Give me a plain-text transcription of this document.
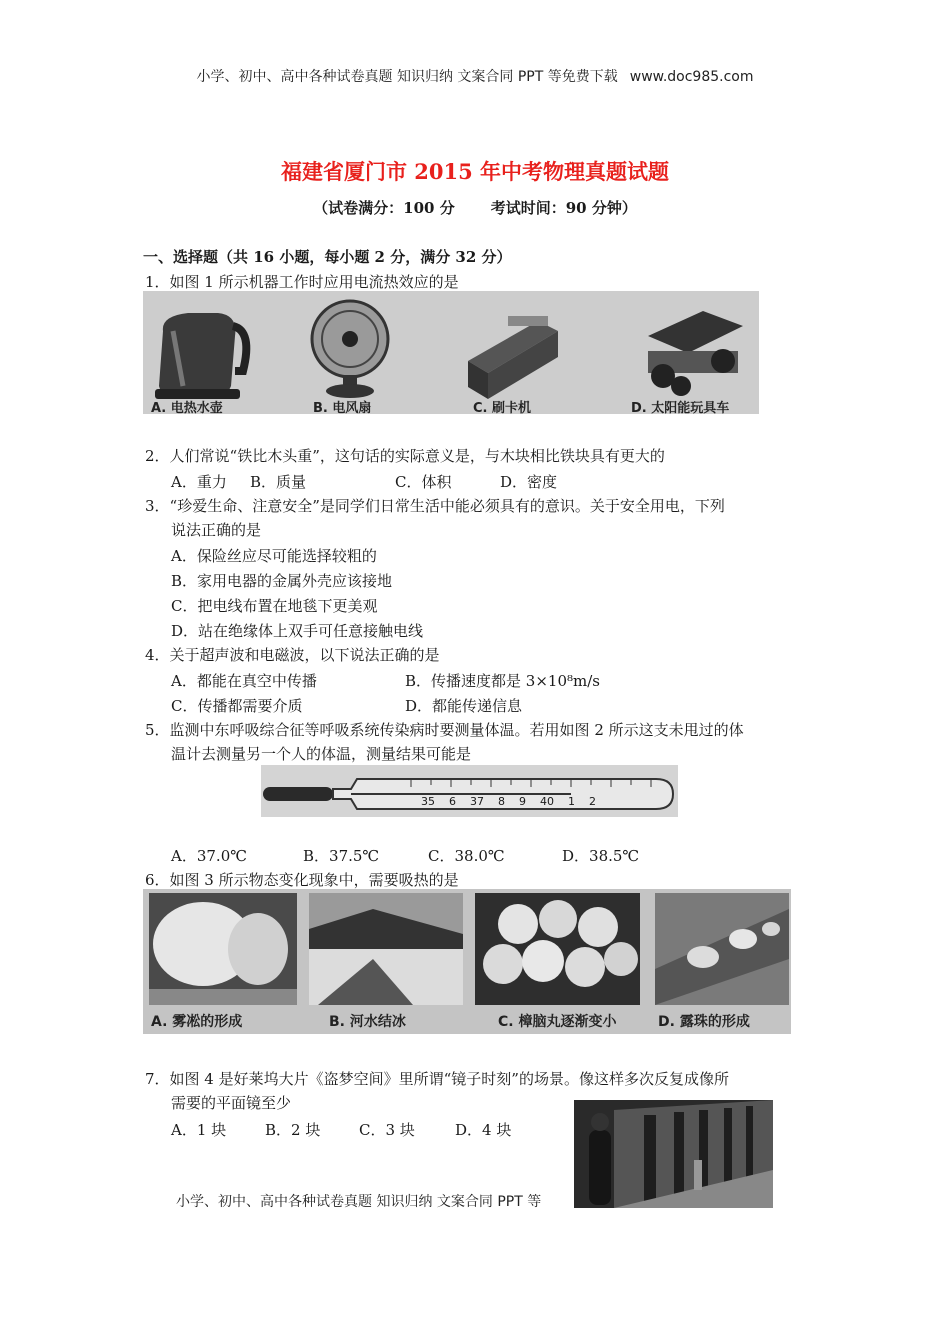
小学、初中、高中各种试卷真题 知识归纳 文案合同 PPT 等免费下载 www.doc985.com
福建省厦门市 2015 年中考物理真题试题
（试卷满分：100 分 考试时间：90 分钟）
一、选择题（共 16 小题，每小题 2 分，满分 32 分）
1．如图 1 所示机器工作时应用电流热效应的是
A. 电热水壶	B. 电风扇	C. 刷卡机	D. 太阳能玩具车
2．人们常说“铁比木头重”，这句话的实际意义是，与木块相比铁块具有更大的
A．重力 B．质量	C．体积	D．密度
3．“珍爱生命、注意安全”是同学们日常生活中能必须具有的意识。关于安全用电，下列
说法正确的是
A．保险丝应尽可能选择较粗的
B．家用电器的金属外壳应该接地
C．把电线布置在地毯下更美观
D．站在绝缘体上双手可任意接触电线
4．关于超声波和电磁波，以下说法正确的是
A．都能在真空中传播	B．传播速度都是 3×10⁸m/s
C．传播都需要介质	D．都能传递信息
5．监测中东呼吸综合征等呼吸系统传染病时要测量体温。若用如图 2 所示这支未甩过的体
温计去测量另一个人的体温，测量结果可能是
35 6 37 8 9 40 1 2
A．37.0℃	B．37.5℃	C．38.0℃	D．38.5℃
6．如图 3 所示物态变化现象中，需要吸热的是
A. 雾凇的形成	B. 河水结冰	C. 樟脑丸逐渐变小	D. 露珠的形成
7．如图 4 是好莱坞大片《盗梦空间》里所谓“镜子时刻”的场景。像这样多次反复成像所
需要的平面镜至少
A．1 块	B．2 块	C．3 块	D．4 块
小学、初中、高中各种试卷真题 知识归纳 文案合同 PPT 等
